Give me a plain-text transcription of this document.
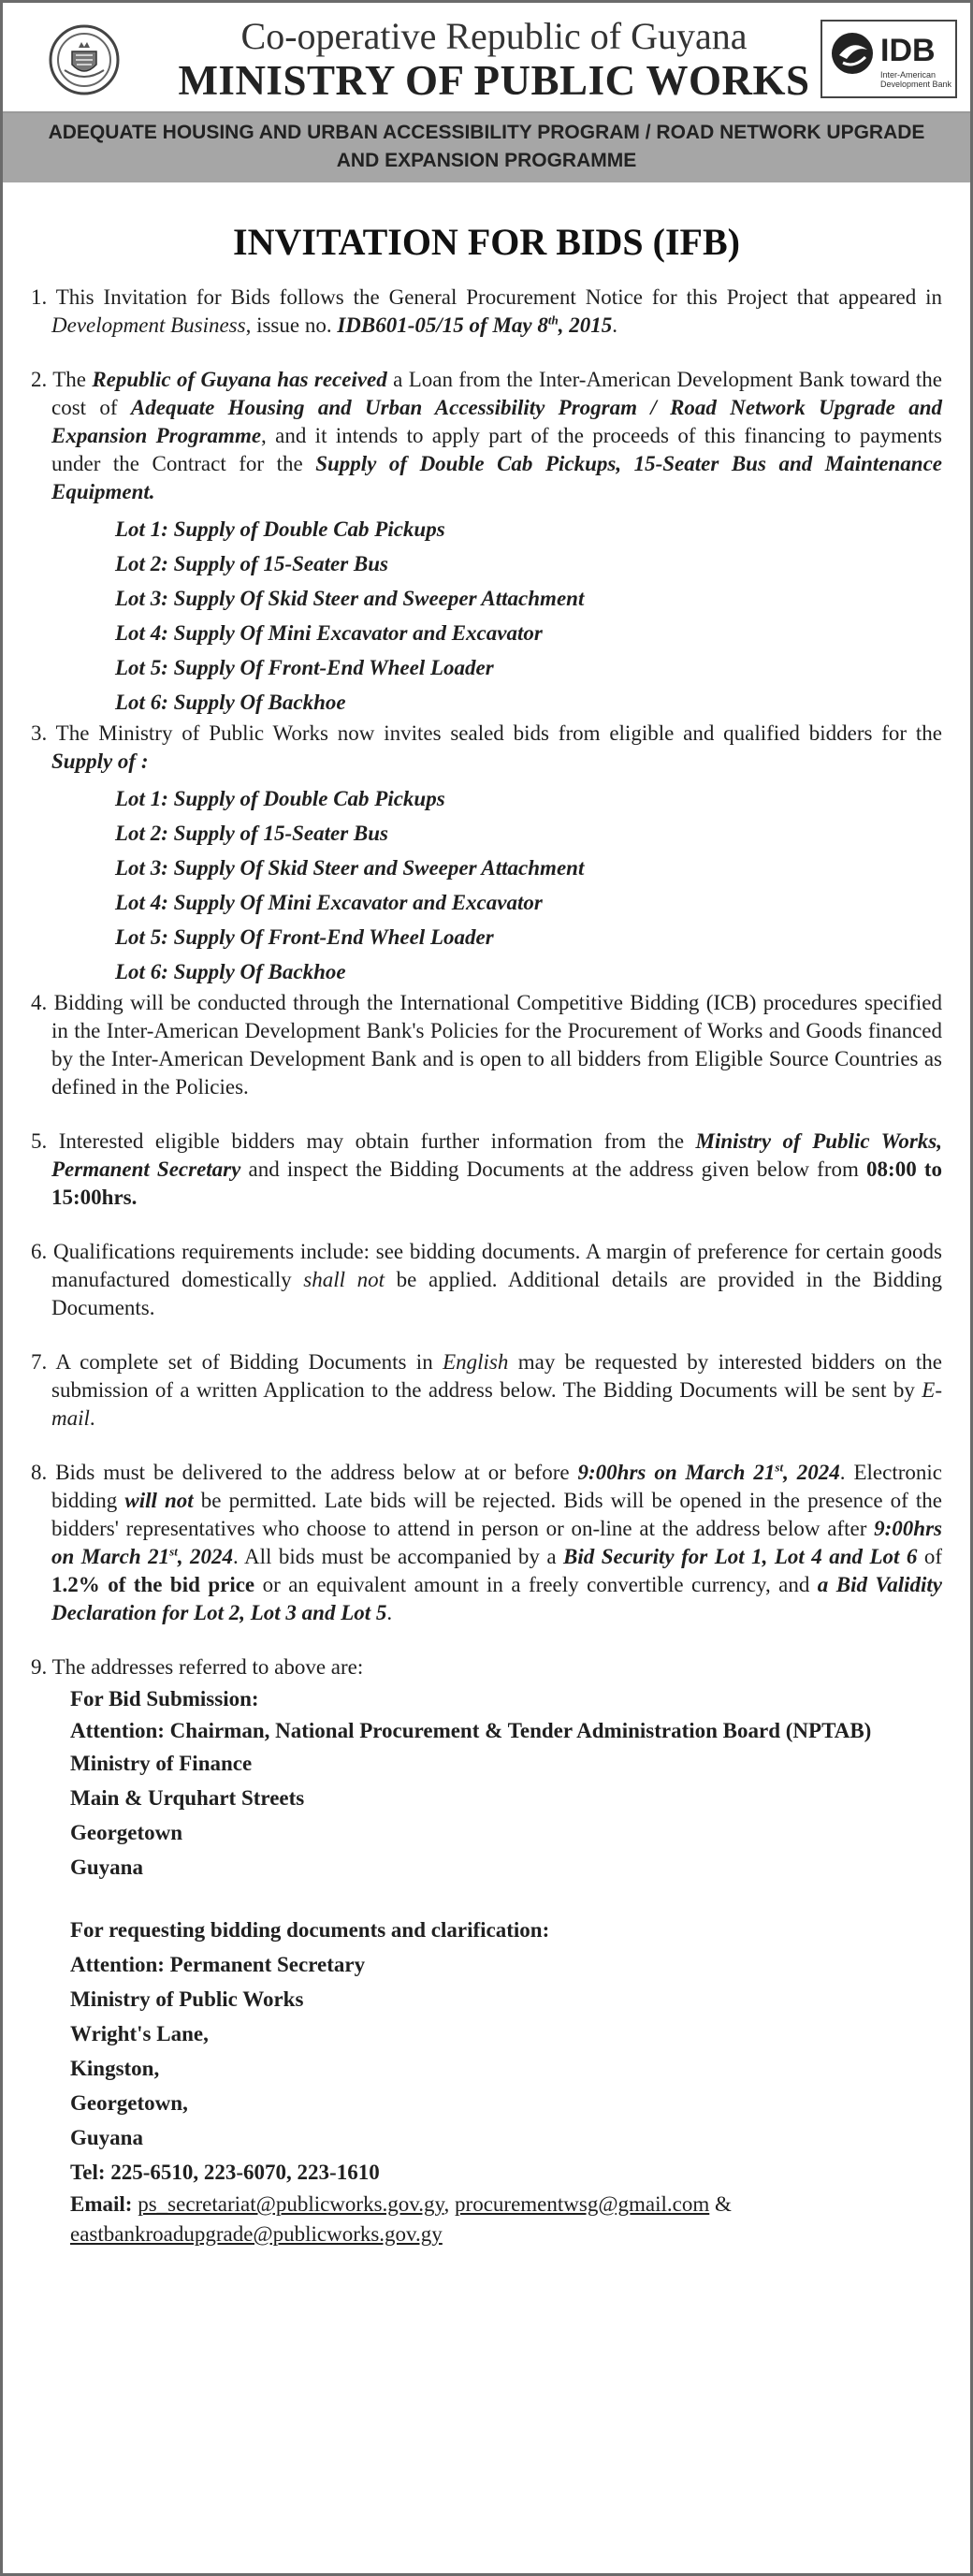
Co-operative Republic of Guyana
MINISTRY OF PUBLIC WORKS
IDB
Inter-American Development Bank
ADEQUATE HOUSING AND URBAN ACCESSIBILITY PROGRAM / ROAD NETWORK UPGRADE AND EXPANSION PROGRAMME
INVITATION FOR BIDS (IFB)

1. This Invitation for Bids follows the General Procurement Notice for this Project that appeared in Development Business, issue no. IDB601-05/15 of May 8th, 2015.

2. The Republic of Guyana has received a Loan from the Inter-American Development Bank toward the cost of Adequate Housing and Urban Accessibility Program / Road Network Upgrade and Expansion Programme, and it intends to apply part of the proceeds of this financing to payments under the Contract for the Supply of Double Cab Pickups, 15-Seater Bus and Maintenance Equipment.

Lot 1: Supply of Double Cab Pickups
Lot 2: Supply of 15-Seater Bus
Lot 3: Supply Of Skid Steer and Sweeper Attachment
Lot 4: Supply Of Mini Excavator and Excavator
Lot 5: Supply Of Front-End Wheel Loader
Lot 6: Supply Of Backhoe

3. The Ministry of Public Works now invites sealed bids from eligible and qualified bidders for the Supply of :

Lot 1: Supply of Double Cab Pickups
Lot 2: Supply of 15-Seater Bus
Lot 3: Supply Of Skid Steer and Sweeper Attachment
Lot 4: Supply Of Mini Excavator and Excavator
Lot 5: Supply Of Front-End Wheel Loader
Lot 6: Supply Of Backhoe

4. Bidding will be conducted through the International Competitive Bidding (ICB) procedures specified in the Inter-American Development Bank's Policies for the Procurement of Works and Goods financed by the Inter-American Development Bank and is open to all bidders from Eligible Source Countries as defined in the Policies.

5. Interested eligible bidders may obtain further information from the Ministry of Public Works, Permanent Secretary and inspect the Bidding Documents at the address given below from 08:00 to 15:00hrs.

6. Qualifications requirements include: see bidding documents. A margin of preference for certain goods manufactured domestically shall not be applied. Additional details are provided in the Bidding Documents.

7. A complete set of Bidding Documents in English may be requested by interested bidders on the submission of a written Application to the address below. The Bidding Documents will be sent by E-mail.

8. Bids must be delivered to the address below at or before 9:00hrs on March 21st, 2024. Electronic bidding will not be permitted. Late bids will be rejected. Bids will be opened in the presence of the bidders' representatives who choose to attend in person or on-line at the address below after 9:00hrs on March 21st, 2024. All bids must be accompanied by a Bid Security for Lot 1, Lot 4 and Lot 6 of 1.2% of the bid price or an equivalent amount in a freely convertible currency, and a Bid Validity Declaration for Lot 2, Lot 3 and Lot 5.

9. The addresses referred to above are:

For Bid Submission:
Attention: Chairman, National Procurement & Tender Administration Board (NPTAB)
Ministry of Finance
Main & Urquhart Streets
Georgetown
Guyana
For requesting bidding documents and clarification:
Attention: Permanent Secretary
Ministry of Public Works
Wright's Lane,
Kingston,
Georgetown,
Guyana
Tel: 225-6510, 223-6070, 223-1610
Email: ps_secretariat@publicworks.gov.gy, procurementwsg@gmail.com &
eastbankroadupgrade@publicworks.gov.gy
